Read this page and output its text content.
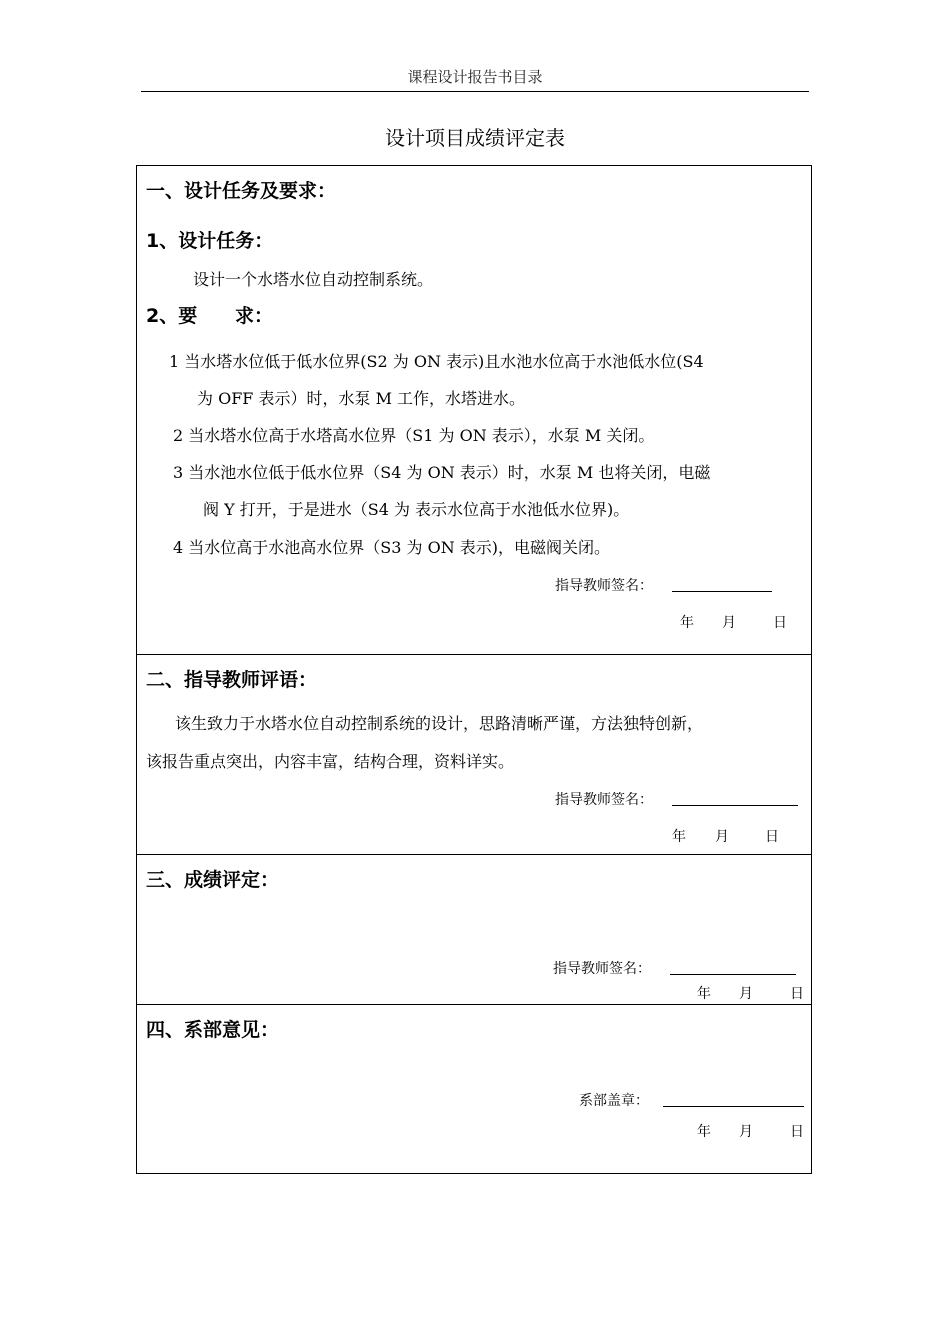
课程设计报告书目录
设计项目成绩评定表
一、设计任务及要求：
1、设计任务：
设计一个水塔水位自动控制系统。
2、要 求：
1 当水塔水位低于低水位界(S2 为 ON 表示)且水池水位高于水池低水位(S4
为 OFF 表示）时，水泵 M 工作，水塔进水。
2 当水塔水位高于水塔高水位界（S1 为 ON 表示），水泵 M 关闭。
3 当水池水位低于低水位界（S4 为 ON 表示）时，水泵 M 也将关闭，电磁
阀 Y 打开，于是进水（S4 为 表示水位高于水池低水位界)。
4 当水位高于水池高水位界（S3 为 ON 表示)，电磁阀关闭。
指导教师签名：
年 月	日
二、指导教师评语：
该生致力于水塔水位自动控制系统的设计，思路清晰严谨，方法独特创新，
该报告重点突出，内容丰富，结构合理，资料详实。
指导教师签名：
年 月	日
三、成绩评定：
指导教师签名：
年 月	日
四、系部意见：
系部盖章：
年 月	日
